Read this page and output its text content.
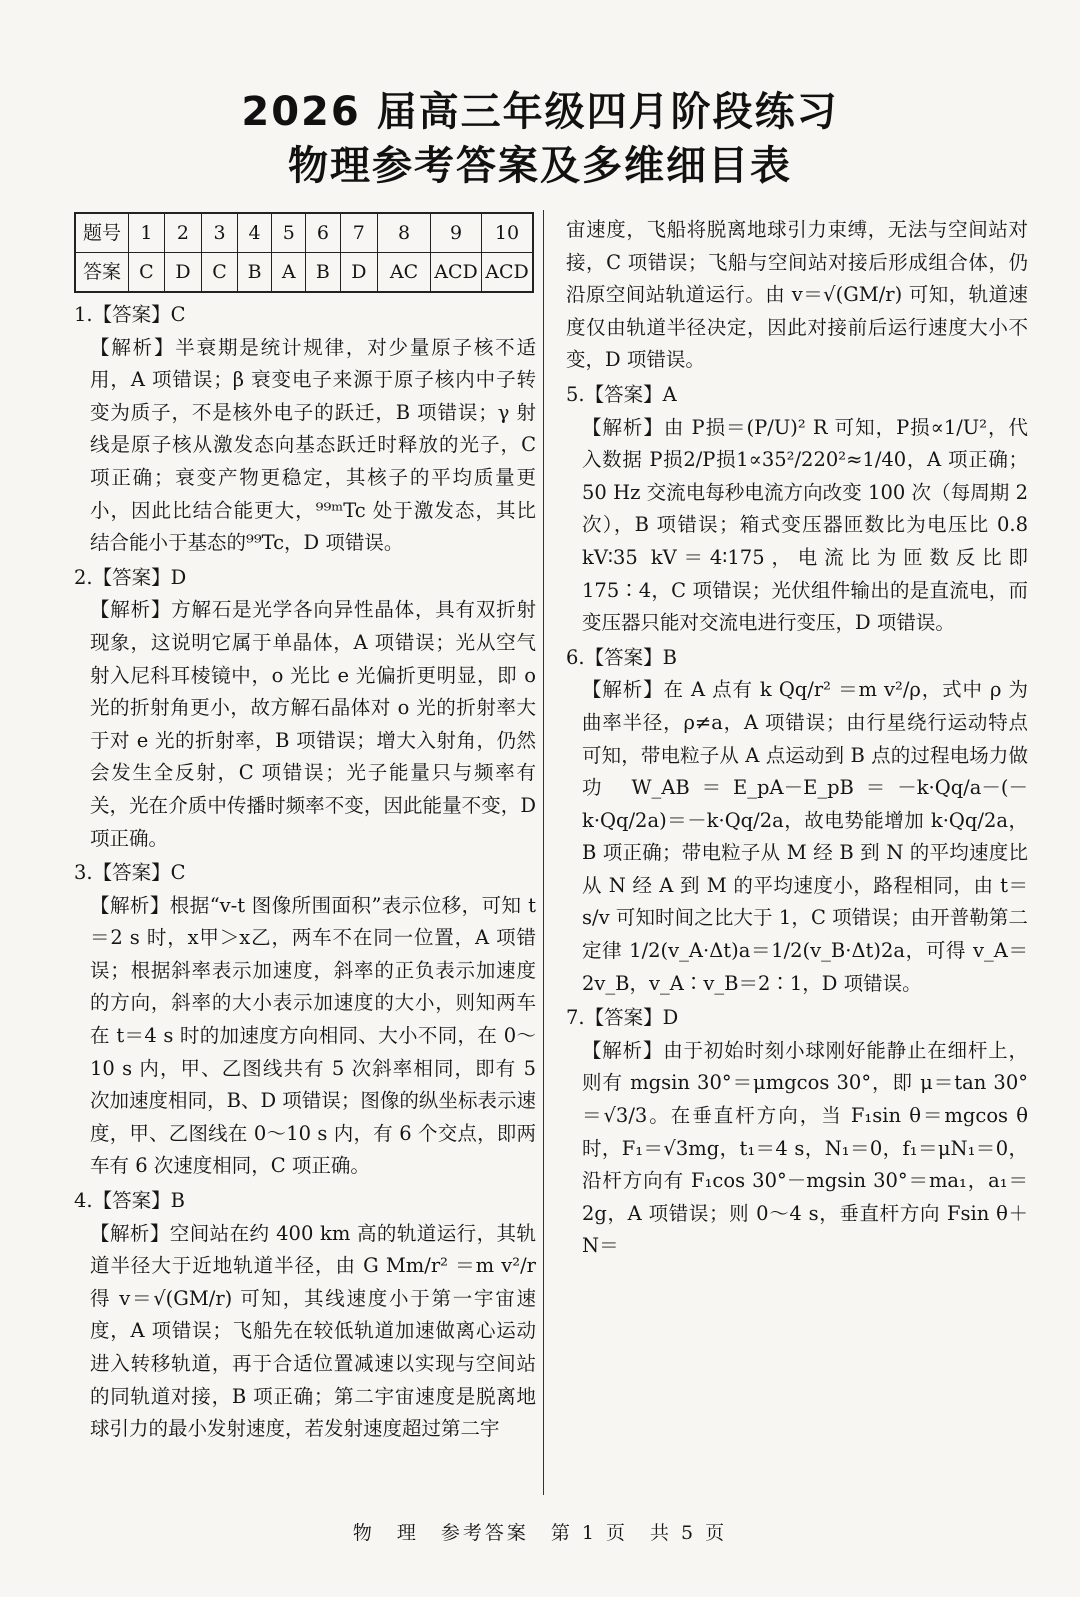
2026 届高三年级四月阶段练习
物理参考答案及多维细目表
题号	1	2	3	4	5	6	7	8	9	10
答案	C	D	C	B	A	B	D	AC	ACD	ACD
1.【答案】C
【解析】半衰期是统计规律，对少量原子核不适用，A 项错误；β 衰变电子来源于原子核内中子转变为质子，不是核外电子的跃迁，B 项错误；γ 射线是原子核从激发态向基态跃迁时释放的光子，C 项正确；衰变产物更稳定，其核子的平均质量更小，因此比结合能更大，⁹⁹ᵐTc 处于激发态，其比结合能小于基态的⁹⁹Tc，D 项错误。
2.【答案】D
【解析】方解石是光学各向异性晶体，具有双折射现象，这说明它属于单晶体，A 项错误；光从空气射入尼科耳棱镜中，o 光比 e 光偏折更明显，即 o 光的折射角更小，故方解石晶体对 o 光的折射率大于对 e 光的折射率，B 项错误；增大入射角，仍然会发生全反射，C 项错误；光子能量只与频率有关，光在介质中传播时频率不变，因此能量不变，D 项正确。
3.【答案】C
【解析】根据“v-t 图像所围面积”表示位移，可知 t＝2 s 时，x甲＞x乙，两车不在同一位置，A 项错误；根据斜率表示加速度，斜率的正负表示加速度的方向，斜率的大小表示加速度的大小，则知两车在 t＝4 s 时的加速度方向相同、大小不同，在 0～10 s 内，甲、乙图线共有 5 次斜率相同，即有 5 次加速度相同，B、D 项错误；图像的纵坐标表示速度，甲、乙图线在 0～10 s 内，有 6 个交点，即两车有 6 次速度相同，C 项正确。
4.【答案】B
【解析】空间站在约 400 km 高的轨道运行，其轨道半径大于近地轨道半径，由 G Mm/r² ＝m v²/r 得 v＝√(GM/r) 可知，其线速度小于第一宇宙速度，A 项错误；飞船先在较低轨道加速做离心运动进入转移轨道，再于合适位置减速以实现与空间站的同轨道对接，B 项正确；第二宇宙速度是脱离地球引力的最小发射速度，若发射速度超过第二宇
宙速度，飞船将脱离地球引力束缚，无法与空间站对接，C 项错误；飞船与空间站对接后形成组合体，仍沿原空间站轨道运行。由 v＝√(GM/r) 可知，轨道速度仅由轨道半径决定，因此对接前后运行速度大小不变，D 项错误。
5.【答案】A
【解析】由 P损＝(P/U)² R 可知，P损∝1/U²，代入数据 P损2/P损1∝35²/220²≈1/40，A 项正确；50 Hz 交流电每秒电流方向改变 100 次（每周期 2 次），B 项错误；箱式变压器匝数比为电压比 0.8 kV∶35 kV＝4∶175，电流比为匝数反比即 175∶4，C 项错误；光伏组件输出的是直流电，而变压器只能对交流电进行变压，D 项错误。
6.【答案】B
【解析】在 A 点有 k Qq/r² ＝m v²/ρ，式中 ρ 为曲率半径，ρ≠a，A 项错误；由行星绕行运动特点可知，带电粒子从 A 点运动到 B 点的过程电场力做功 W_AB＝E_pA－E_pB＝－k·Qq/a－(－k·Qq/2a)＝－k·Qq/2a，故电势能增加 k·Qq/2a，B 项正确；带电粒子从 M 经 B 到 N 的平均速度比从 N 经 A 到 M 的平均速度小，路程相同，由 t＝s/v 可知时间之比大于 1，C 项错误；由开普勒第二定律 1/2(v_A·Δt)a＝1/2(v_B·Δt)2a，可得 v_A＝2v_B，v_A∶v_B＝2∶1，D 项错误。
7.【答案】D
【解析】由于初始时刻小球刚好能静止在细杆上，则有 mgsin 30°＝μmgcos 30°，即 μ＝tan 30°＝√3/3。在垂直杆方向，当 F₁sin θ＝mgcos θ 时，F₁＝√3mg，t₁＝4 s，N₁＝0，f₁＝μN₁＝0，沿杆方向有 F₁cos 30°－mgsin 30°＝ma₁，a₁＝2g，A 项错误；则 0～4 s，垂直杆方向 Fsin θ＋N＝
物　理　参考答案　第 1 页　共 5 页
